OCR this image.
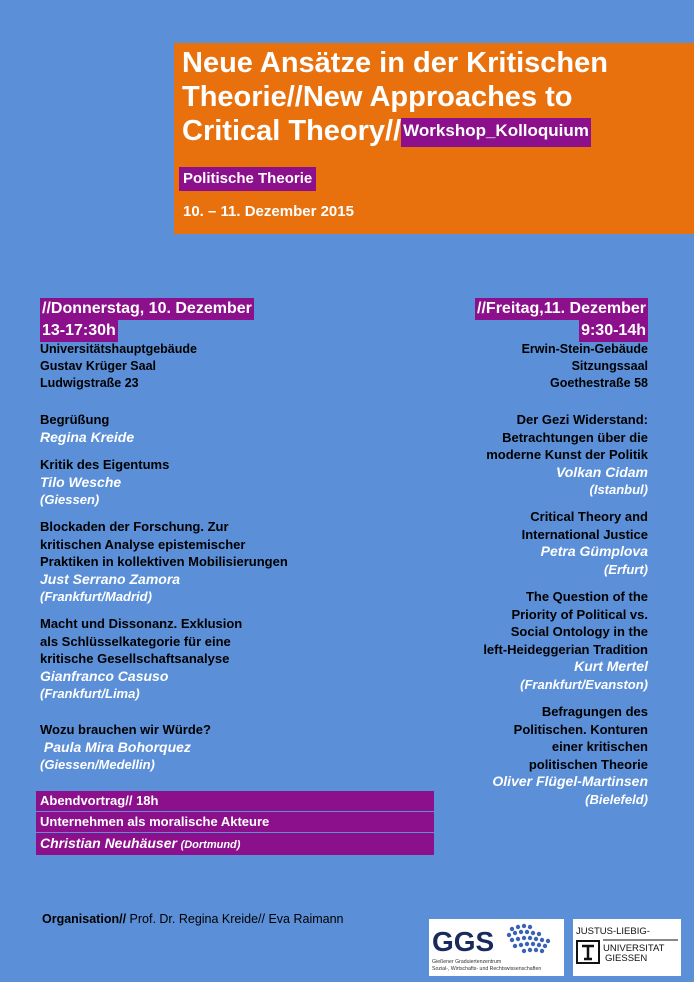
Neue Ansätze in der Kritischen
Theorie//New Approaches to
Critical Theory// Workshop_Kolloquium
Politische Theorie
10. – 11. Dezember 2015
//Donnerstag, 10. Dezember
13-17:30h
Universitätshauptgebäude
Gustav Krüger Saal
Ludwigstraße 23
Begrüßung
Regina Kreide
Kritik des Eigentums
Tilo Wesche
(Giessen)
Blockaden der Forschung. Zur
kritischen Analyse epistemischer
Praktiken in kollektiven Mobilisierungen
Just Serrano Zamora
(Frankfurt/Madrid)
Macht und Dissonanz. Exklusion
als Schlüsselkategorie für eine
kritische Gesellschaftsanalyse
Gianfranco Casuso
(Frankfurt/Lima)
Wozu brauchen wir Würde?
Paula Mira Bohorquez
(Giessen/Medellin)
Abendvortrag// 18h
Unternehmen als moralische Akteure
Christian Neuhäuser (Dortmund)
//Freitag,11. Dezember
9:30-14h
Erwin-Stein-Gebäude
Sitzungssaal
Goethestraße 58
Der Gezi Widerstand:
Betrachtungen über die
moderne Kunst der Politik
Volkan Cidam
(Istanbul)
Critical Theory and
International Justice
Petra Gümplova
(Erfurt)
The Question of the
Priority of Political vs.
Social Ontology in the
left-Heideggerian Tradition
Kurt Mertel
(Frankfurt/Evanston)
Befragungen des
Politischen. Konturen
einer kritischen
politischen Theorie
Oliver Flügel-Martinsen
(Bielefeld)
Organisation// Prof. Dr. Regina Kreide// Eva Raimann
GGS
Gießener Graduiertenzentrum
Sozial-, Wirtschafts- und Rechtswissenschaften
JUSTUS-LIEBIG-
UNIVERSITAT
GIESSEN
